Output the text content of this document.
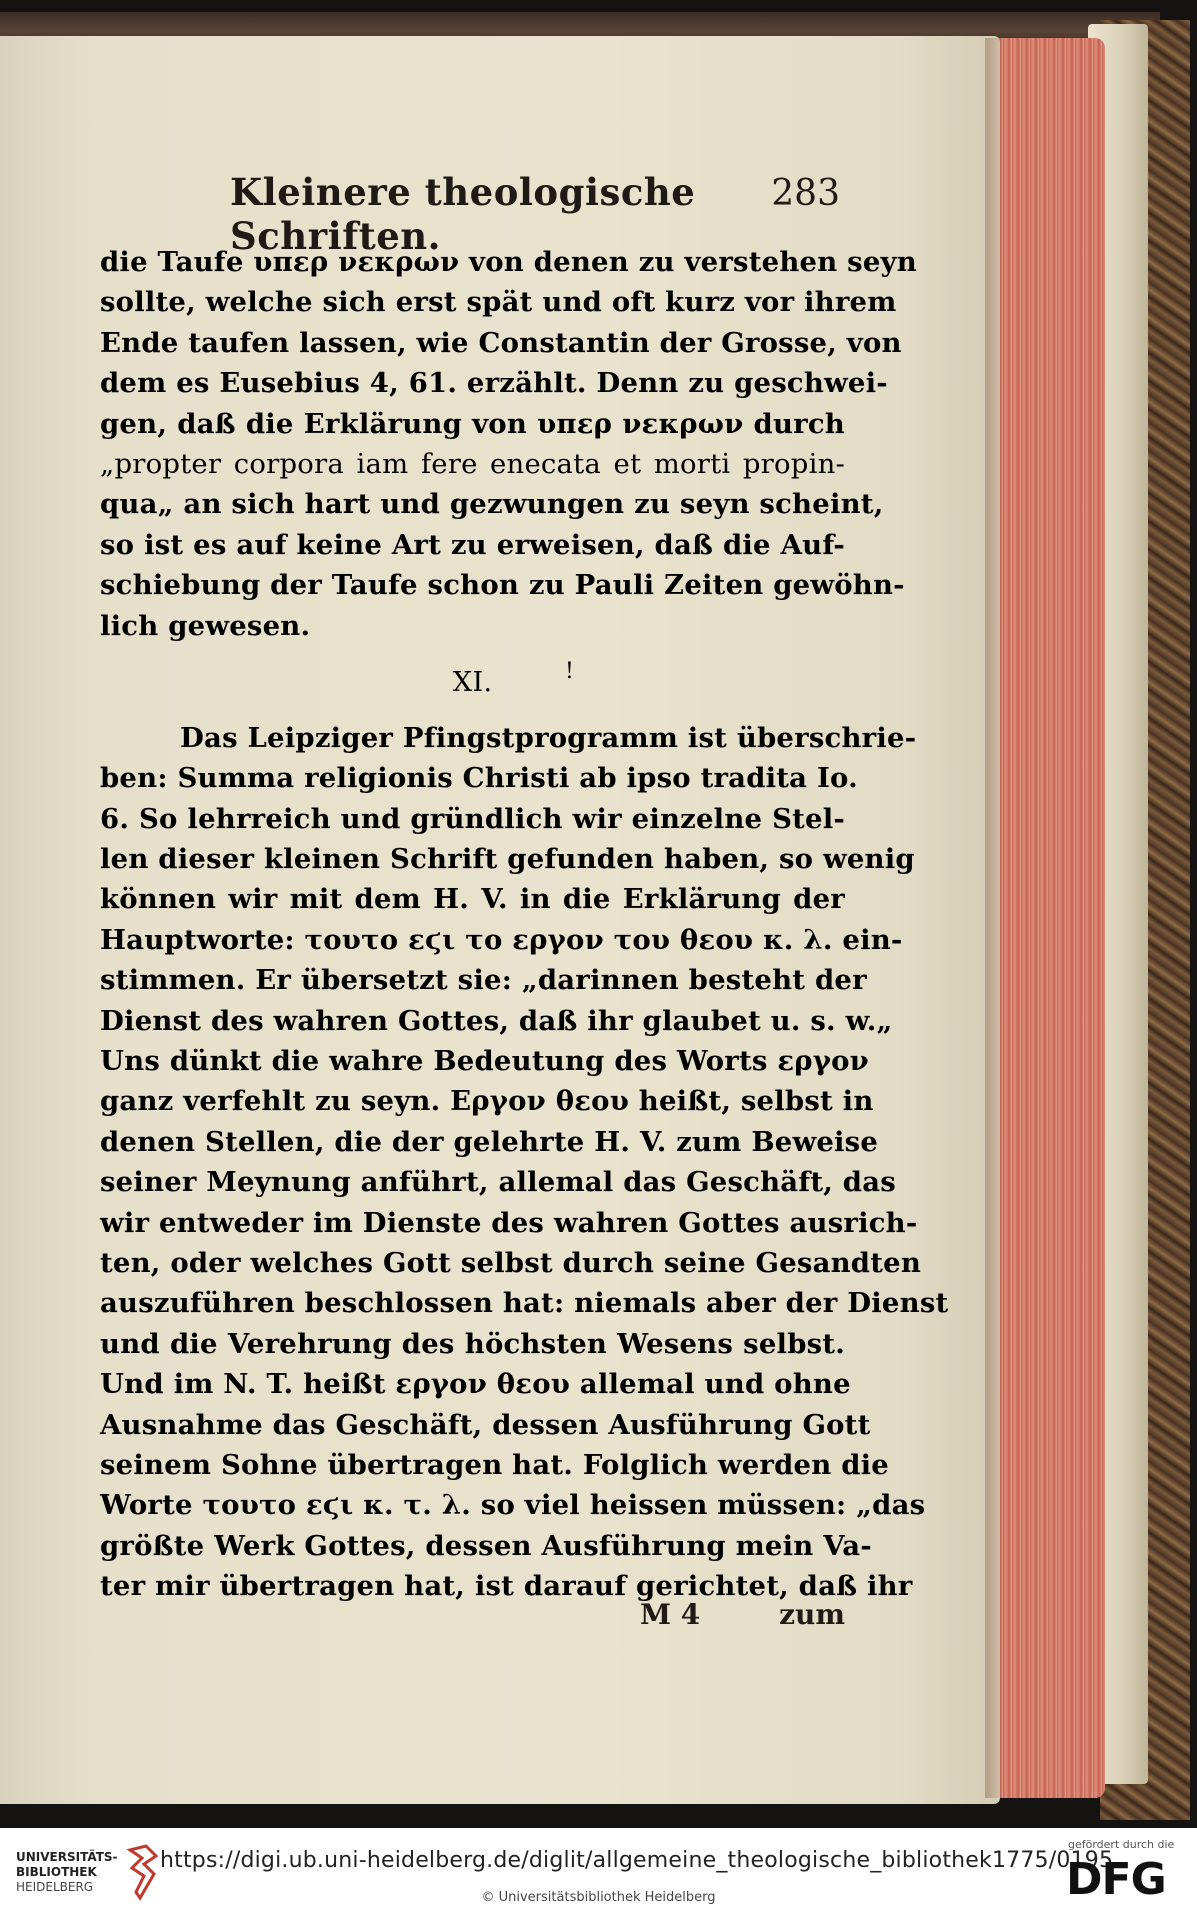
Kleinere theologische Schriften.
283
die Taufe υπερ νεκρων von denen zu verstehen seyn
sollte, welche sich erst spät und oft kurz vor ihrem
Ende taufen lassen, wie Constantin der Grosse, von
dem es Eusebius 4, 61. erzählt. Denn zu geschwei-
gen, daß die Erklärung von υπερ νεκρων durch
„propter corpora iam fere enecata et morti propin-
qua„ an sich hart und gezwungen zu seyn scheint,
so ist es auf keine Art zu erweisen, daß die Auf-
schiebung der Taufe schon zu Pauli Zeiten gewöhn-
lich gewesen.
XI.	!
Das Leipziger Pfingstprogramm ist überschrie-
ben: Summa religionis Christi ab ipso tradita Io.
6. So lehrreich und gründlich wir einzelne Stel-
len dieser kleinen Schrift gefunden haben, so wenig
können wir mit dem H. V. in die Erklärung der
Hauptworte: τουτο εϛι το εργον του θεου κ. λ. ein-
stimmen. Er übersetzt sie: „darinnen besteht der
Dienst des wahren Gottes, daß ihr glaubet u. s. w.„
Uns dünkt die wahre Bedeutung des Worts εργον
ganz verfehlt zu seyn. Εργον θεου heißt, selbst in
denen Stellen, die der gelehrte H. V. zum Beweise
seiner Meynung anführt, allemal das Geschäft, das
wir entweder im Dienste des wahren Gottes ausrich-
ten, oder welches Gott selbst durch seine Gesandten
auszuführen beschlossen hat: niemals aber der Dienst
und die Verehrung des höchsten Wesens selbst.
Und im N. T. heißt εργον θεου allemal und ohne
Ausnahme das Geschäft, dessen Ausführung Gott
seinem Sohne übertragen hat. Folglich werden die
Worte τουτο εϛι κ. τ. λ. so viel heissen müssen: „das
größte Werk Gottes, dessen Ausführung mein Va-
ter mir übertragen hat, ist darauf gerichtet, daß ihr
M 4	zum
UNIVERSITÄTS-
BIBLIOTHEK
HEIDELBERG
https://digi.ub.uni-heidelberg.de/diglit/allgemeine_theologische_bibliothek1775/0195
© Universitätsbibliothek Heidelberg
gefördert durch die
DFG
